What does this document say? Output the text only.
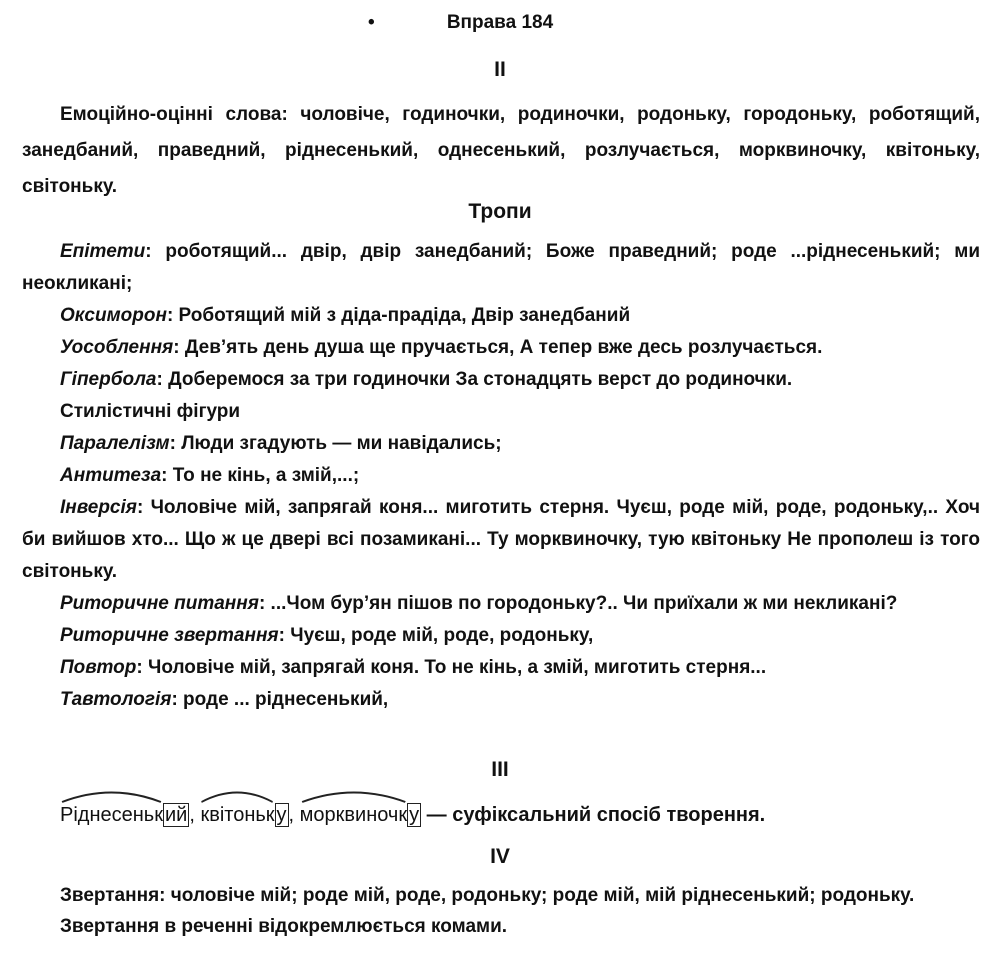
•	Вправа 184
II

Емоційно-оцінні слова: чоловіче, годиночки, родиночки, родоньку, городоньку, роботящий, занедбаний, праведний, ріднесенький, однесенький, розлучається, морквиночку, квітоньку, світоньку.

Тропи

Епітети: роботящий... двір, двір занедбаний; Боже праведний; роде ...ріднесенький; ми неокликані;

Оксиморон: Роботящий мій з діда-прадіда, Двір занедбаний

Уособлення: Дев’ять день душа ще пручається, А тепер вже десь розлучається.

Гіпербола: Доберемося за три годиночки За стонадцять верст до родиночки.

Стилістичні фігури

Паралелізм: Люди згадують — ми навідались;

Антитеза: То не кінь, а змій,...;

Інверсія: Чоловіче мій, запрягай коня... миготить стерня. Чуєш, роде мій, роде, родоньку,.. Хоч би вийшов хто... Що ж це двері всі позамикані... Ту морквиночку, тую квітоньку Не прополеш із того світоньку.

Риторичне питання: ...Чом бур’ян пішов по городоньку?.. Чи приїхали ж ми некликані?

Риторичне звертання: Чуєш, роде мій, роде, родоньку,

Повтор: Чоловіче мій, запрягай коня. То не кінь, а змій, миготить стерня...

Тавтологія: роде ... ріднесенький,

III

Ріднесеньк ий ,
квітоньк у ,
морквиночк у — суфіксальний спосіб творення.

IV

Звертання: чоловіче мій; роде мій, роде, родоньку; роде мій, мій ріднесенький; родоньку.

Звертання в реченні відокремлюється комами.
